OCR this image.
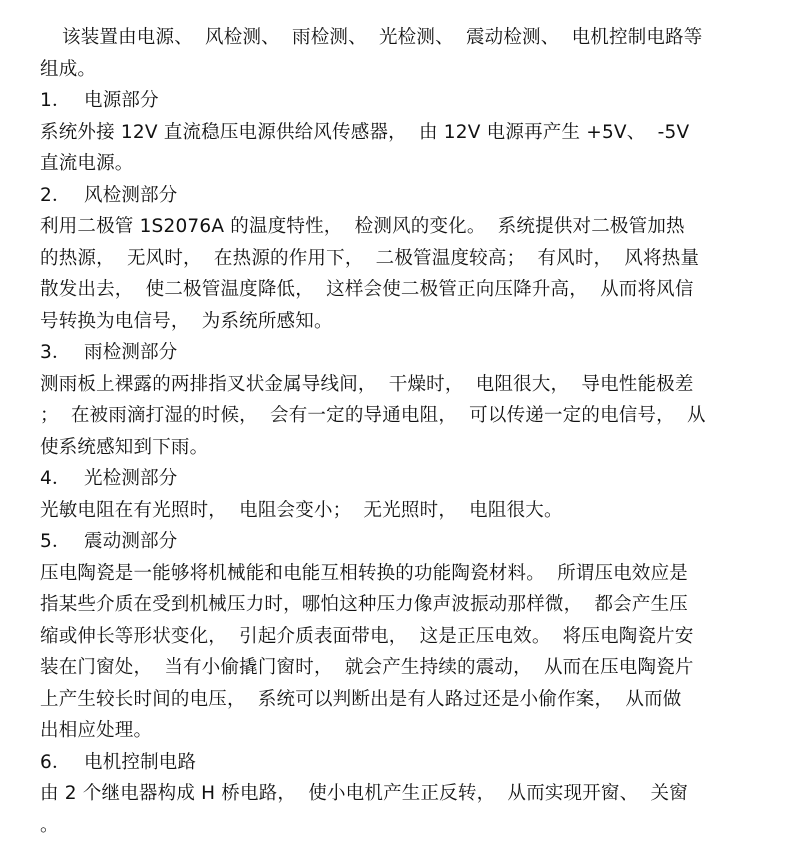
该装置由电源、  风检测、  雨检测、  光检测、  震动检测、  电机控制电路等
组成。
1． 电源部分
系统外接 12V 直流稳压电源供给风传感器，  由 12V 电源再产生 +5V、  -5V
直流电源。
2． 风检测部分
利用二极管 1S2076A 的温度特性，  检测风的变化。  系统提供对二极管加热
的热源，  无风时，  在热源的作用下，  二极管温度较高；  有风时，  风将热量
散发出去，  使二极管温度降低，  这样会使二极管正向压降升高，  从而将风信
号转换为电信号，  为系统所感知。
3． 雨检测部分
测雨板上裸露的两排指叉状金属导线间，  干燥时，  电阻很大，  导电性能极差
；  在被雨滴打湿的时候，  会有一定的导通电阻，  可以传递一定的电信号，  从
使系统感知到下雨。
4． 光检测部分
光敏电阻在有光照时，  电阻会变小；  无光照时，  电阻很大。
5． 震动测部分
压电陶瓷是一能够将机械能和电能互相转换的功能陶瓷材料。  所谓压电效应是
指某些介质在受到机械压力时，哪怕这种压力像声波振动那样微，  都会产生压
缩或伸长等形状变化，  引起介质表面带电，  这是正压电效。  将压电陶瓷片安
装在门窗处，  当有小偷撬门窗时，  就会产生持续的震动，  从而在压电陶瓷片
上产生较长时间的电压，  系统可以判断出是有人路过还是小偷作案，  从而做
出相应处理。
6． 电机控制电路
由 2 个继电器构成 H 桥电路，  使小电机产生正反转，  从而实现开窗、  关窗
。
